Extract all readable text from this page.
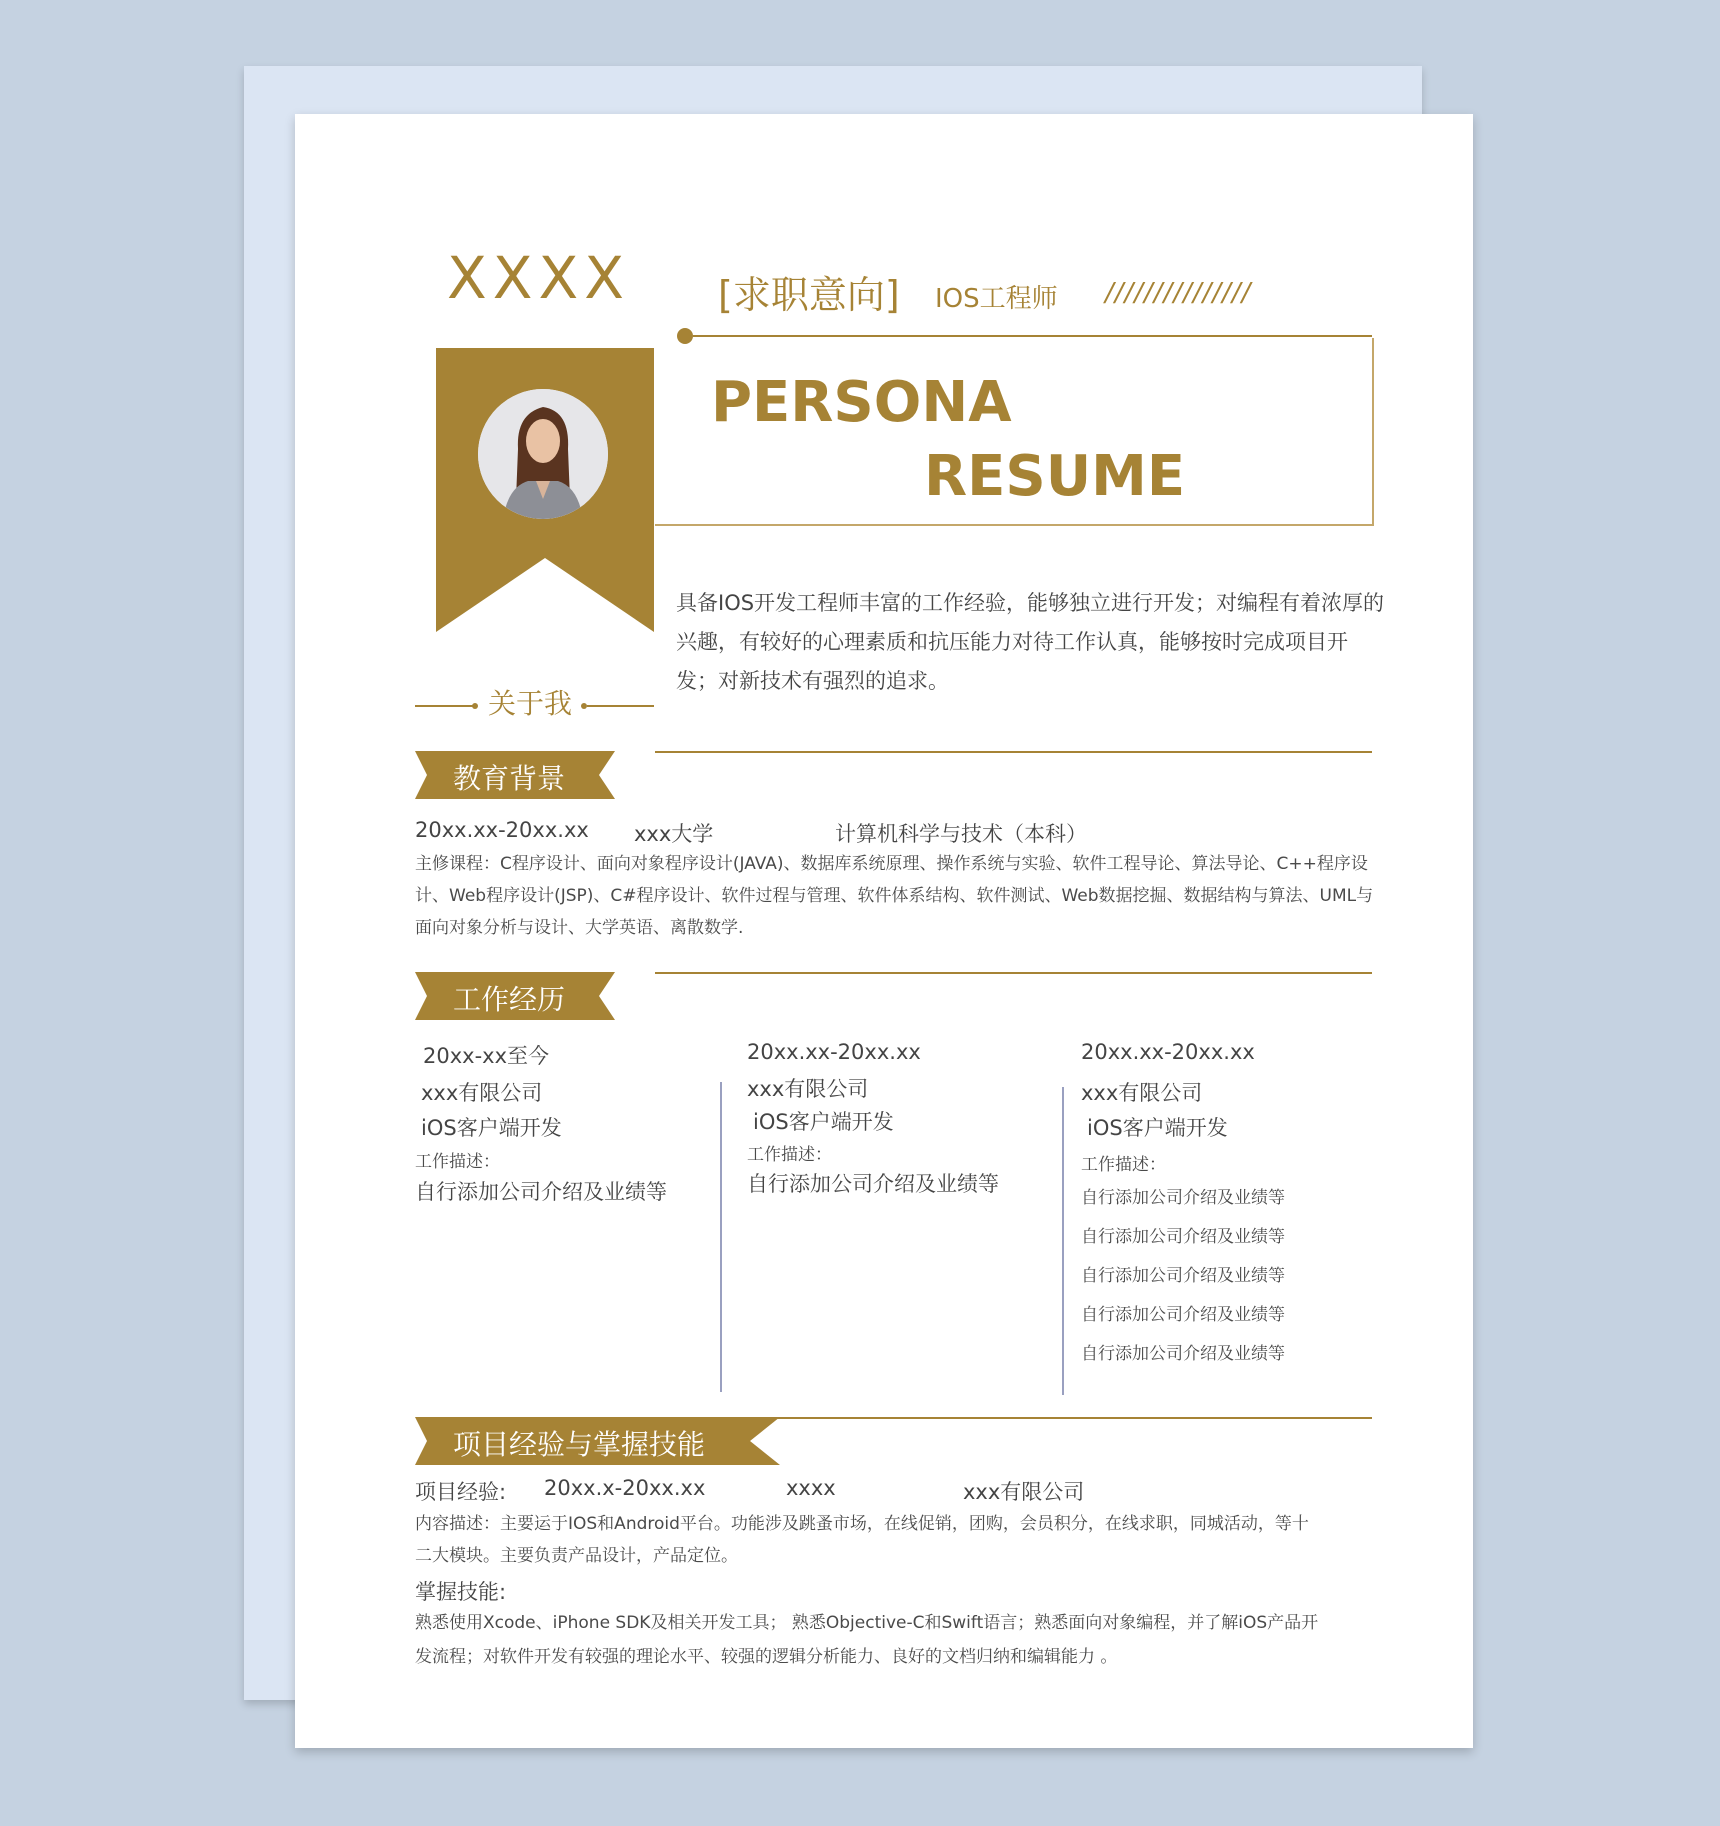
XXXX [求职意向] IOS工程师 ///////////////
PERSONA
RESUME
关于我
具备IOS开发工程师丰富的工作经验，能够独立进行开发；对编程有着浓厚的兴趣，有较好的心理素质和抗压能力对待工作认真，能够按时完成项目开发；对新技术有强烈的追求。
教育背景
20xx.xx-20xx.xx xxx大学	计算机科学与技术（本科）
主修课程：C程序设计、面向对象程序设计(JAVA)、数据库系统原理、操作系统与实验、软件工程导论、算法导论、C++程序设计、Web程序设计(JSP)、C#程序设计、软件过程与管理、软件体系结构、软件测试、Web数据挖掘、数据结构与算法、UML与面向对象分析与设计、大学英语、离散数学.
工作经历
20xx-xx至今
xxx有限公司
iOS客户端开发
工作描述：
自行添加公司介绍及业绩等
20xx.xx-20xx.xx
xxx有限公司
iOS客户端开发
工作描述：
自行添加公司介绍及业绩等
20xx.xx-20xx.xx
xxx有限公司
iOS客户端开发
工作描述：
自行添加公司介绍及业绩等
自行添加公司介绍及业绩等
自行添加公司介绍及业绩等
自行添加公司介绍及业绩等
自行添加公司介绍及业绩等
项目经验与掌握技能
项目经验: 20xx.x-20xx.xx	xxxx	xxx有限公司
内容描述：主要运于IOS和Android平台。功能涉及跳蚤市场，在线促销，团购，会员积分，在线求职，同城活动，等十二大模块。主要负责产品设计，产品定位。
掌握技能:
熟悉使用Xcode、iPhone SDK及相关开发工具； 熟悉Objective-C和Swift语言；熟悉面向对象编程，并了解iOS产品开发流程；对软件开发有较强的理论水平、较强的逻辑分析能力、良好的文档归纳和编辑能力 。
